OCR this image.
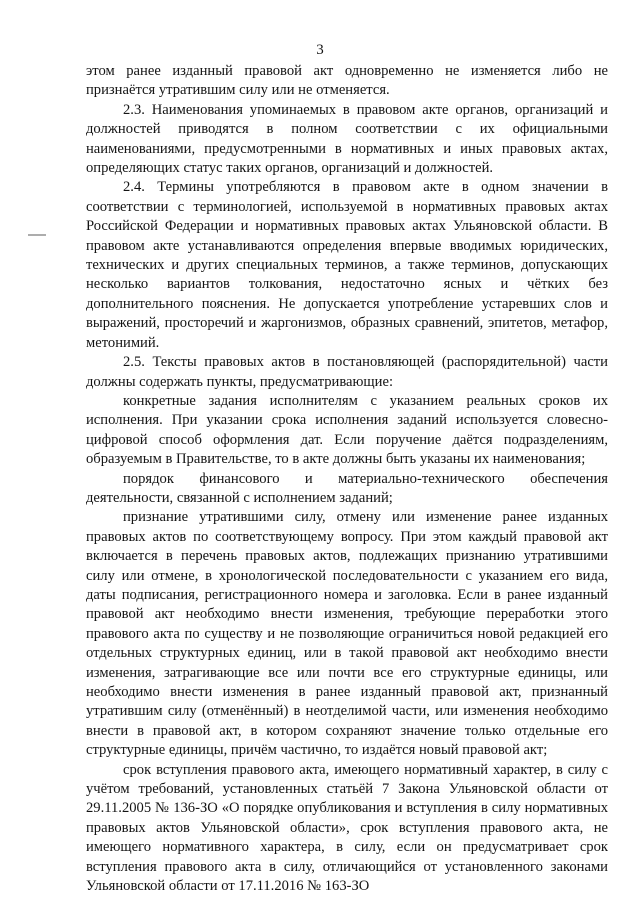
3

этом ранее изданный правовой акт одновременно не изменяется либо не признаётся утратившим силу или не отменяется.

2.3. Наименования упоминаемых в правовом акте органов, организаций и должностей приводятся в полном соответствии с их официальными наименованиями, предусмотренными в нормативных и иных правовых актах, определяющих статус таких органов, организаций и должностей.

2.4. Термины употребляются в правовом акте в одном значении в соответствии с терминологией, используемой в нормативных правовых актах Российской Федерации и нормативных правовых актах Ульяновской области. В правовом акте устанавливаются определения впервые вводимых юридических, технических и других специальных терминов, а также терминов, допускающих несколько вариантов толкования, недостаточно ясных и чётких без дополнительного пояснения. Не допускается употребление устаревших слов и выражений, просторечий и жаргонизмов, образных сравнений, эпитетов, метафор, метонимий.

2.5. Тексты правовых актов в постановляющей (распорядительной) части должны содержать пункты, предусматривающие:

конкретные задания исполнителям с указанием реальных сроков их исполнения. При указании срока исполнения заданий используется словесно-цифровой способ оформления дат. Если поручение даётся подразделениям, образуемым в Правительстве, то в акте должны быть указаны их наименования;

порядок финансового и материально-технического обеспечения деятельности, связанной с исполнением заданий;

признание утратившими силу, отмену или изменение ранее изданных правовых актов по соответствующему вопросу. При этом каждый правовой акт включается в перечень правовых актов, подлежащих признанию утратившими силу или отмене, в хронологической последовательности с указанием его вида, даты подписания, регистрационного номера и заголовка. Если в ранее изданный правовой акт необходимо внести изменения, требующие переработки этого правового акта по существу и не позволяющие ограничиться новой редакцией его отдельных структурных единиц, или в такой правовой акт необходимо внести изменения, затрагивающие все или почти все его структурные единицы, или необходимо внести изменения в ранее изданный правовой акт, признанный утратившим силу (отменённый) в неотделимой части, или изменения необходимо внести в правовой акт, в котором сохраняют значение только отдельные его структурные единицы, причём частично, то издаётся новый правовой акт;

срок вступления правового акта, имеющего нормативный характер, в силу с учётом требований, установленных статьёй 7 Закона Ульяновской области от 29.11.2005 № 136-ЗО «О порядке опубликования и вступления в силу нормативных правовых актов Ульяновской области», срок вступления правового акта, не имеющего нормативного характера, в силу, если он предусматривает срок вступления правового акта в силу, отличающийся от установленного законами Ульяновской области от 17.11.2016 № 163-ЗО
